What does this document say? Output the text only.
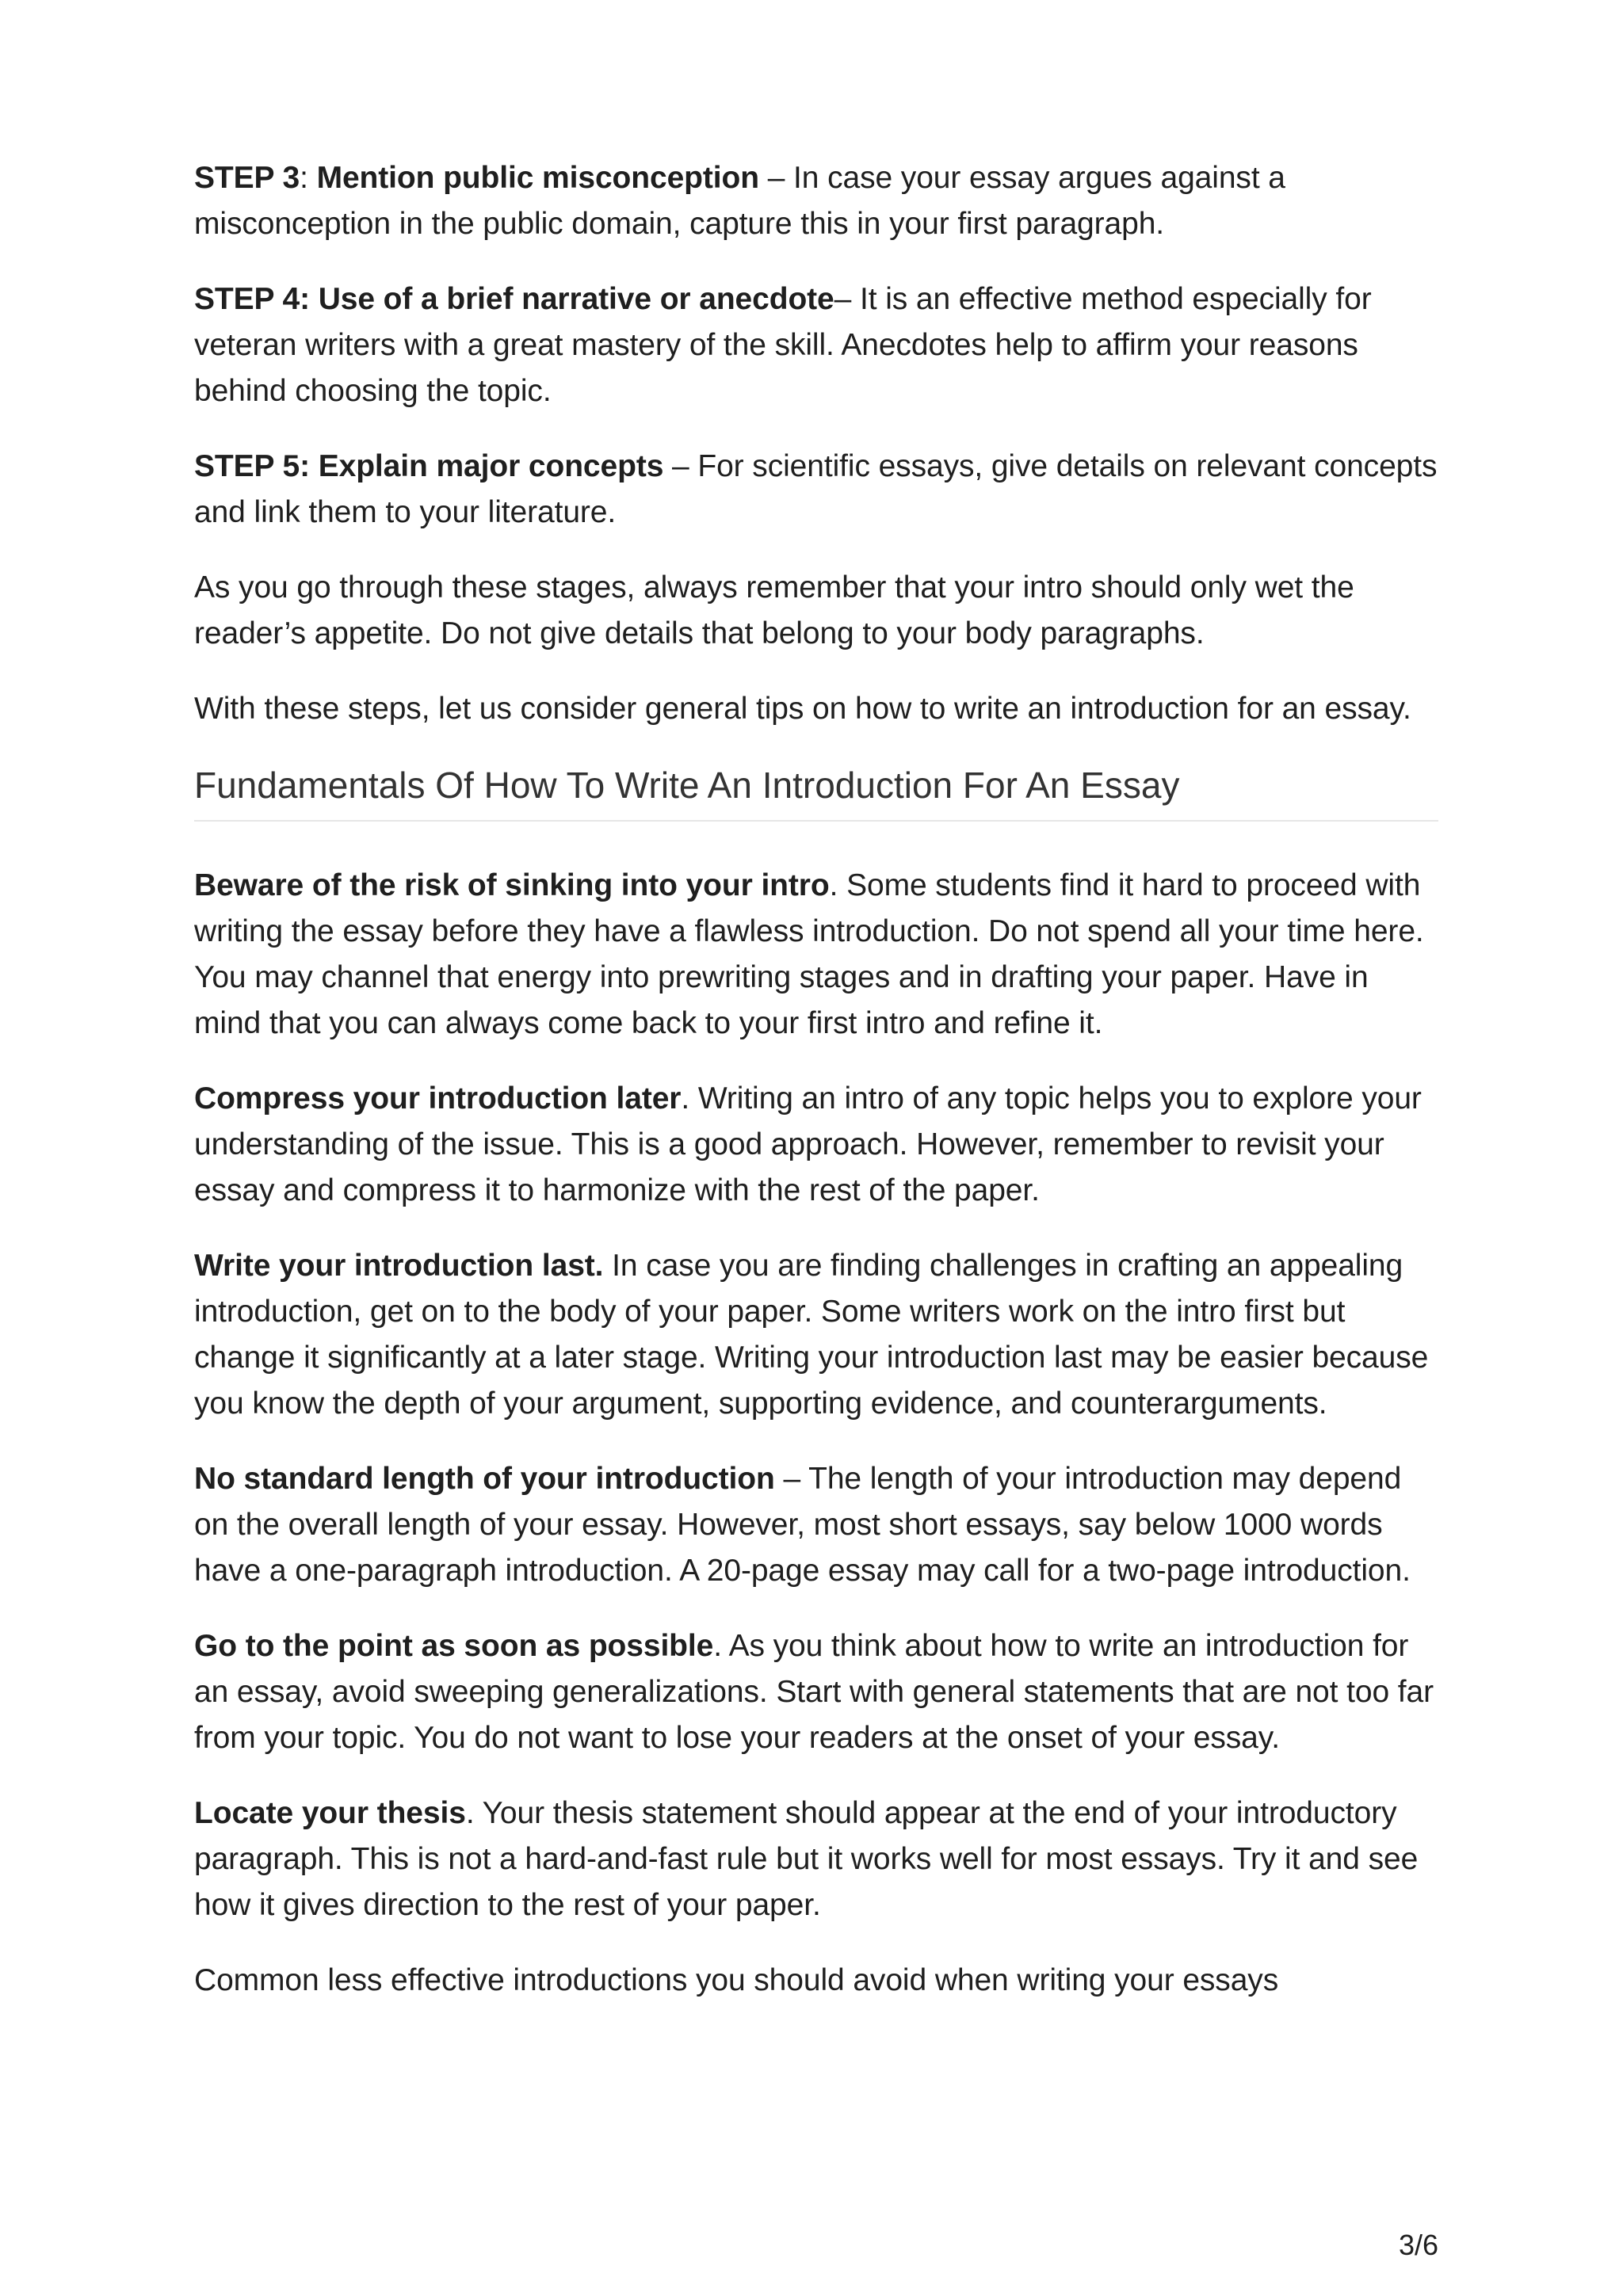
STEP 3: Mention public misconception – In case your essay argues against a misconception in the public domain, capture this in your first paragraph.

STEP 4: Use of a brief narrative or anecdote– It is an effective method especially for veteran writers with a great mastery of the skill. Anecdotes help to affirm your reasons behind choosing the topic.

STEP 5: Explain major concepts – For scientific essays, give details on relevant concepts and link them to your literature.

As you go through these stages, always remember that your intro should only wet the reader’s appetite. Do not give details that belong to your body paragraphs.

With these steps, let us consider general tips on how to write an introduction for an essay.

Fundamentals Of How To Write An Introduction For An Essay

Beware of the risk of sinking into your intro. Some students find it hard to proceed with writing the essay before they have a flawless introduction. Do not spend all your time here. You may channel that energy into prewriting stages and in drafting your paper. Have in mind that you can always come back to your first intro and refine it.

Compress your introduction later. Writing an intro of any topic helps you to explore your understanding of the issue. This is a good approach. However, remember to revisit your essay and compress it to harmonize with the rest of the paper.

Write your introduction last. In case you are finding challenges in crafting an appealing introduction, get on to the body of your paper. Some writers work on the intro first but change it significantly at a later stage. Writing your introduction last may be easier because you know the depth of your argument, supporting evidence, and counterarguments.

No standard length of your introduction – The length of your introduction may depend on the overall length of your essay. However, most short essays, say below 1000 words have a one-paragraph introduction. A 20-page essay may call for a two-page introduction.

Go to the point as soon as possible. As you think about how to write an introduction for an essay, avoid sweeping generalizations. Start with general statements that are not too far from your topic. You do not want to lose your readers at the onset of your essay.

Locate your thesis. Your thesis statement should appear at the end of your introductory paragraph. This is not a hard-and-fast rule but it works well for most essays. Try it and see how it gives direction to the rest of your paper.

Common less effective introductions you should avoid when writing your essays

3/6
